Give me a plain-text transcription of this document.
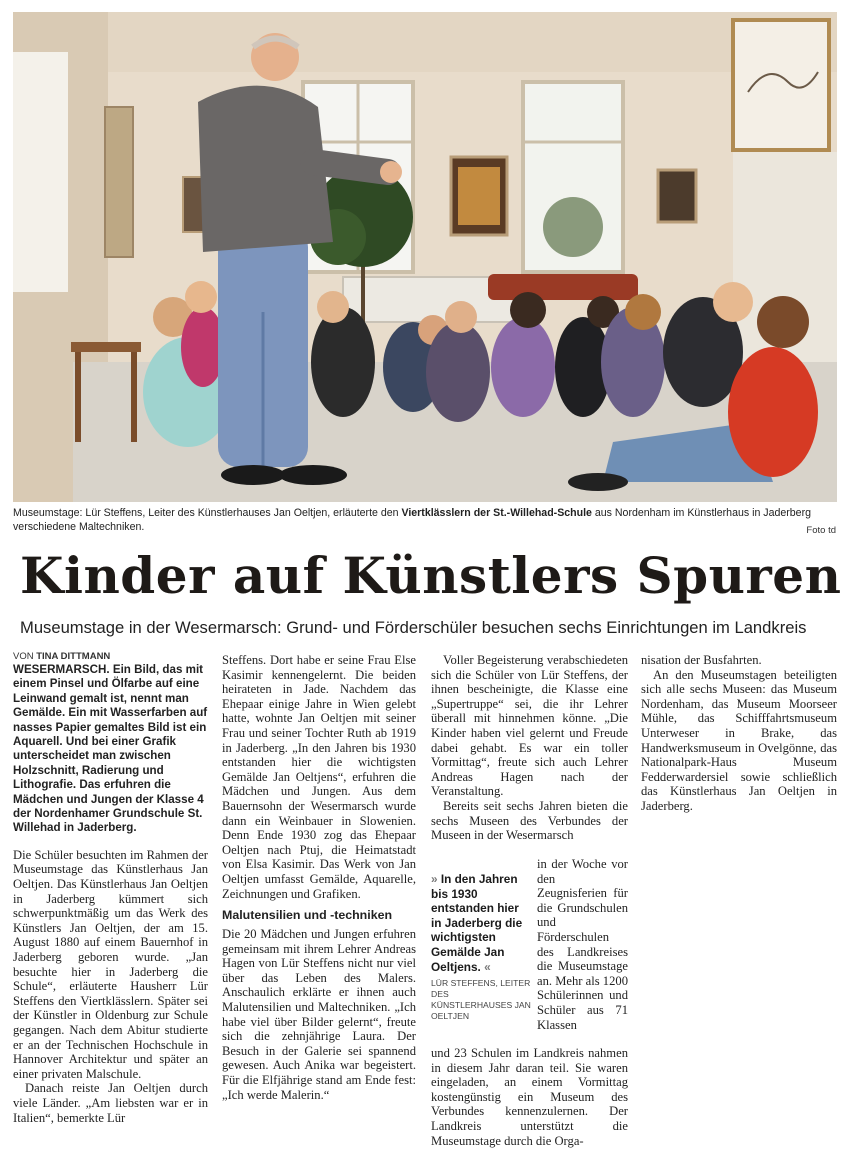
Museumstage: Lür Steffens, Leiter des Künstlerhauses Jan Oeltjen, erläuterte den Viertklässlern der St.-Willehad-Schule aus Nordenham im Künstlerhaus in Jaderberg verschiedene Maltechniken.	Foto td
Kinder auf Künstlers Spuren
Museumstage in der Wesermarsch: Grund- und Förderschüler besuchen sechs Einrichtungen im Landkreis
VON TINA DITTMANN
WESERMARSCH. Ein Bild, das mit einem Pinsel und Ölfarbe auf eine Leinwand gemalt ist, nennt man Gemälde. Ein mit Wasserfarben auf nasses Papier gemaltes Bild ist ein Aquarell. Und bei einer Grafik unterscheidet man zwischen Holzschnitt, Radierung und Lithografie. Das erfuhren die Mädchen und Jungen der Klasse 4 der Nordenhamer Grundschule St. Willehad in Jaderberg.

Die Schüler besuchten im Rahmen der Museumstage das Künstlerhaus Jan Oeltjen. Das Künstlerhaus Jan Oeltjen in Jaderberg kümmert sich schwerpunktmäßig um das Werk des Künstlers Jan Oeltjen, der am 15. August 1880 auf einem Bauernhof in Jaderberg geboren wurde. „Jan besuchte hier in Jaderberg die Schule“, erläuterte Hausherr Lür Steffens den Viertklässlern. Später sei der Künstler in Oldenburg zur Schule gegangen. Nach dem Abitur studierte er an der Technischen Hochschule in Hannover Architektur und später an einer privaten Malschule.

Danach reiste Jan Oeltjen durch viele Länder. „Am liebsten war er in Italien“, bemerkte Lür

Steffens. Dort habe er seine Frau Else Kasimir kennengelernt. Die beiden heirateten in Jade. Nachdem das Ehepaar einige Jahre in Wien gelebt hatte, wohnte Jan Oeltjen mit seiner Frau und seiner Tochter Ruth ab 1919 in Jaderberg. „In den Jahren bis 1930 entstanden hier die wichtigsten Gemälde Jan Oeltjens“, erfuhren die Mädchen und Jungen. Aus dem Bauernsohn der Wesermarsch wurde dann ein Weinbauer in Slowenien. Denn Ende 1930 zog das Ehepaar Oeltjen nach Ptuj, die Heimatstadt von Elsa Kasimir. Das Werk von Jan Oeltjen umfasst Gemälde, Aquarelle, Zeichnungen und Grafiken.

Malutensilien und -techniken

Die 20 Mädchen und Jungen erfuhren gemeinsam mit ihrem Lehrer Andreas Hagen von Lür Steffens nicht nur viel über das Leben des Malers. Anschaulich erklärte er ihnen auch Malutensilien und Maltechniken. „Ich habe viel über Bilder gelernt“, freute sich die zehnjährige Laura. Der Besuch in der Galerie sei spannend gewesen. Auch Anika war begeistert. Für die Elfjährige stand am Ende fest: „Ich werde Malerin.“

Voller Begeisterung verabschiedeten sich die Schüler von Lür Steffens, der ihnen bescheinigte, die Klasse eine „Supertruppe“ sei, die ihr Lehrer überall mit hinnehmen könne. „Die Kinder haben viel gelernt und Freude dabei gehabt. Es war ein toller Vormittag“, freute sich auch Lehrer Andreas Hagen nach der Veranstaltung.

Bereits seit sechs Jahren bieten die sechs Museen des Verbundes der Museen in der Wesermarsch

in der Woche vor den Zeugnisferien für die Grundschulen und Förderschulen des Landkreises die Museumstage an. Mehr als 1200 Schülerinnen und Schüler aus 71 Klassen

und 23 Schulen im Landkreis nahmen in diesem Jahr daran teil. Sie waren eingeladen, an einem Vormittag kostengünstig ein Museum des Verbundes kennenzulernen. Der Landkreis unterstützt die Museumstage durch die Orga-

» In den Jahren bis 1930 entstanden hier in Jaderberg die wichtigsten Gemälde Jan Oeltjens. «
LÜR STEFFENS, LEITER DES KÜNSTLERHAUSES JAN OELTJEN

nisation der Busfahrten.

An den Museumstagen beteiligten sich alle sechs Museen: das Museum Nordenham, das Museum Moorseer Mühle, das Schifffahrtsmuseum Unterweser in Brake, das Handwerksmuseum in Ovelgönne, das Nationalpark-Haus Museum Fedderwardersiel sowie schließlich das Künstlerhaus Jan Oeltjen in Jaderberg.
